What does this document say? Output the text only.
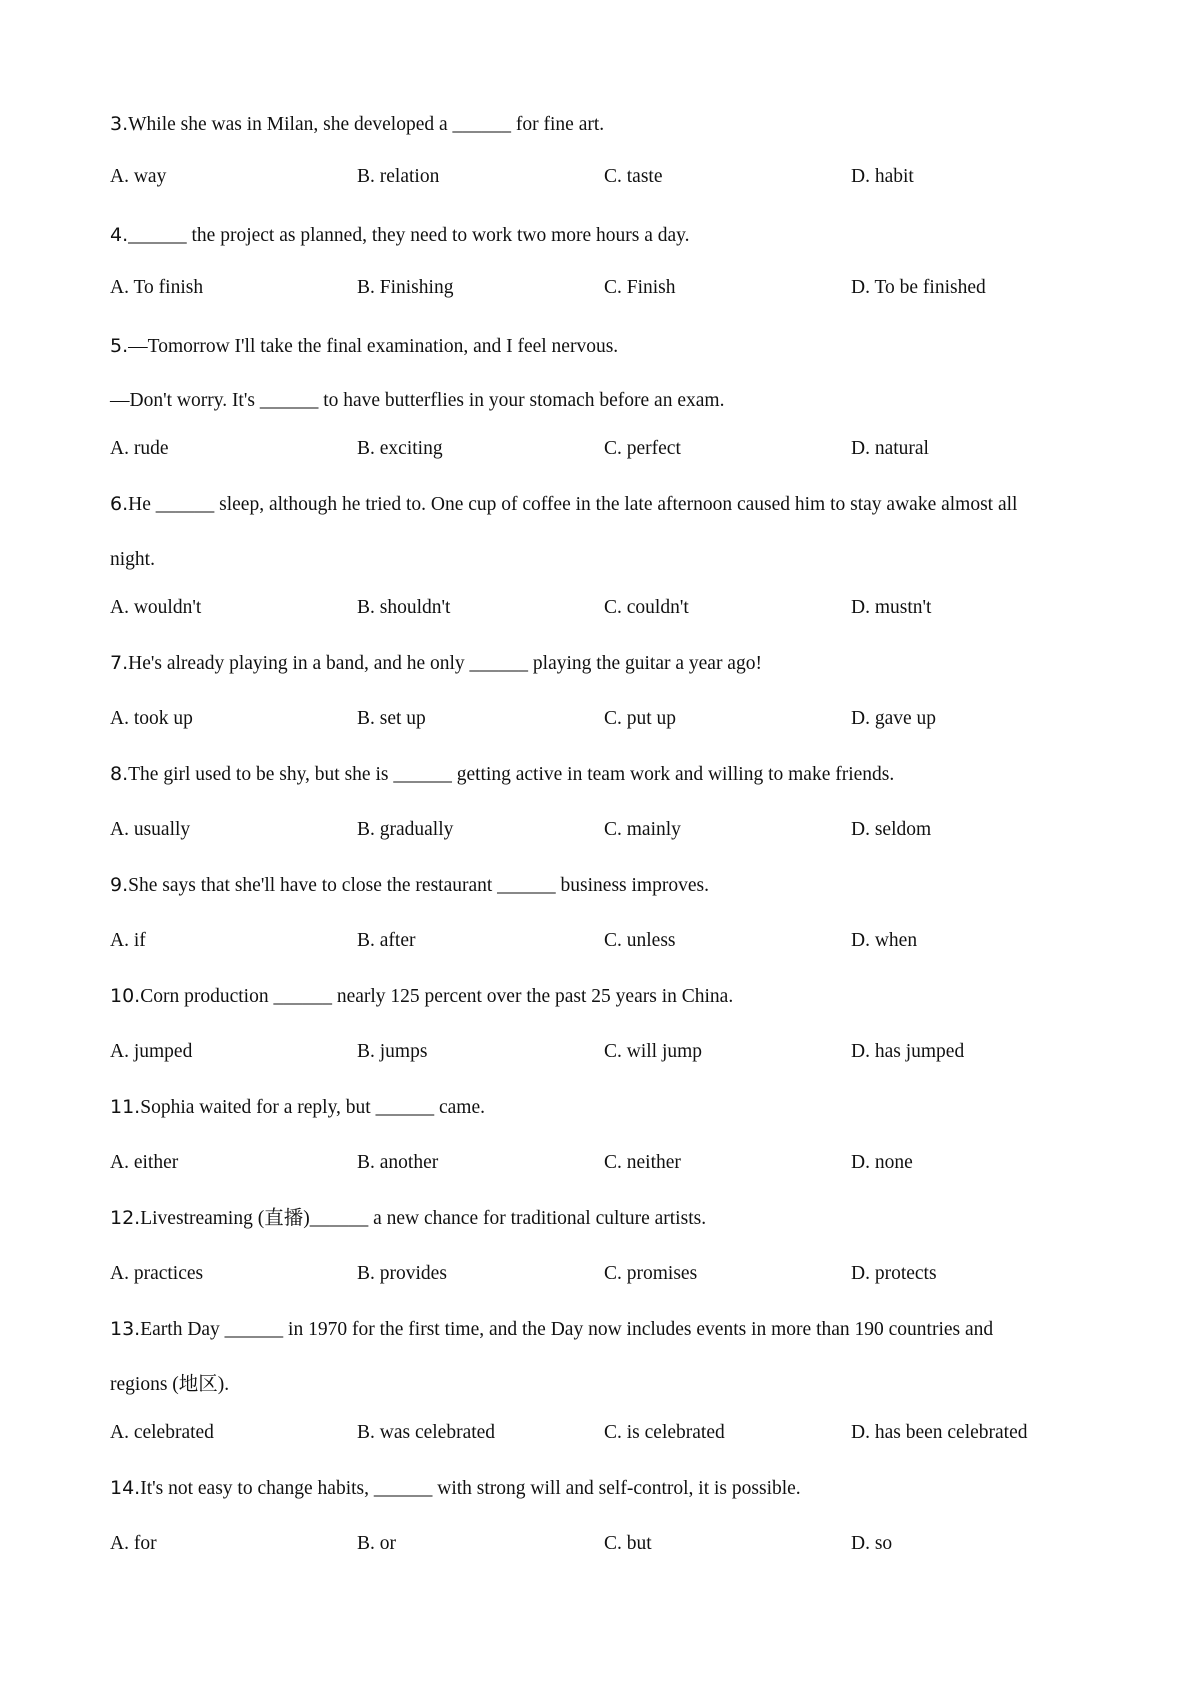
3.While she was in Milan, she developed a ______ for fine art.
A. way	B. relation	C. taste	D. habit
4.______ the project as planned, they need to work two more hours a day.
A. To finish	B. Finishing	C. Finish	D. To be finished
5.—Tomorrow I'll take the final examination, and I feel nervous.
—Don't worry. It's ______ to have butterflies in your stomach before an exam.
A. rude	B. exciting	C. perfect	D. natural
6.He ______ sleep, although he tried to. One cup of coffee in the late afternoon caused him to stay awake almost all
night.
A. wouldn't	B. shouldn't	C. couldn't	D. mustn't
7.He's already playing in a band, and he only ______ playing the guitar a year ago!
A. took up	B. set up	C. put up	D. gave up
8.The girl used to be shy, but she is ______ getting active in team work and willing to make friends.
A. usually	B. gradually	C. mainly	D. seldom
9.She says that she'll have to close the restaurant ______ business improves.
A. if	B. after	C. unless	D. when
10.Corn production ______ nearly 125 percent over the past 25 years in China.
A. jumped	B. jumps	C. will jump	D. has jumped
11.Sophia waited for a reply, but ______ came.
A. either	B. another	C. neither	D. none
12.Livestreaming (直播)______ a new chance for traditional culture artists.
A. practices	B. provides	C. promises	D. protects
13.Earth Day ______ in 1970 for the first time, and the Day now includes events in more than 190 countries and
regions (地区).
A. celebrated	B. was celebrated	C. is celebrated	D. has been celebrated
14.It's not easy to change habits, ______ with strong will and self-control, it is possible.
A. for	B. or	C. but	D. so
